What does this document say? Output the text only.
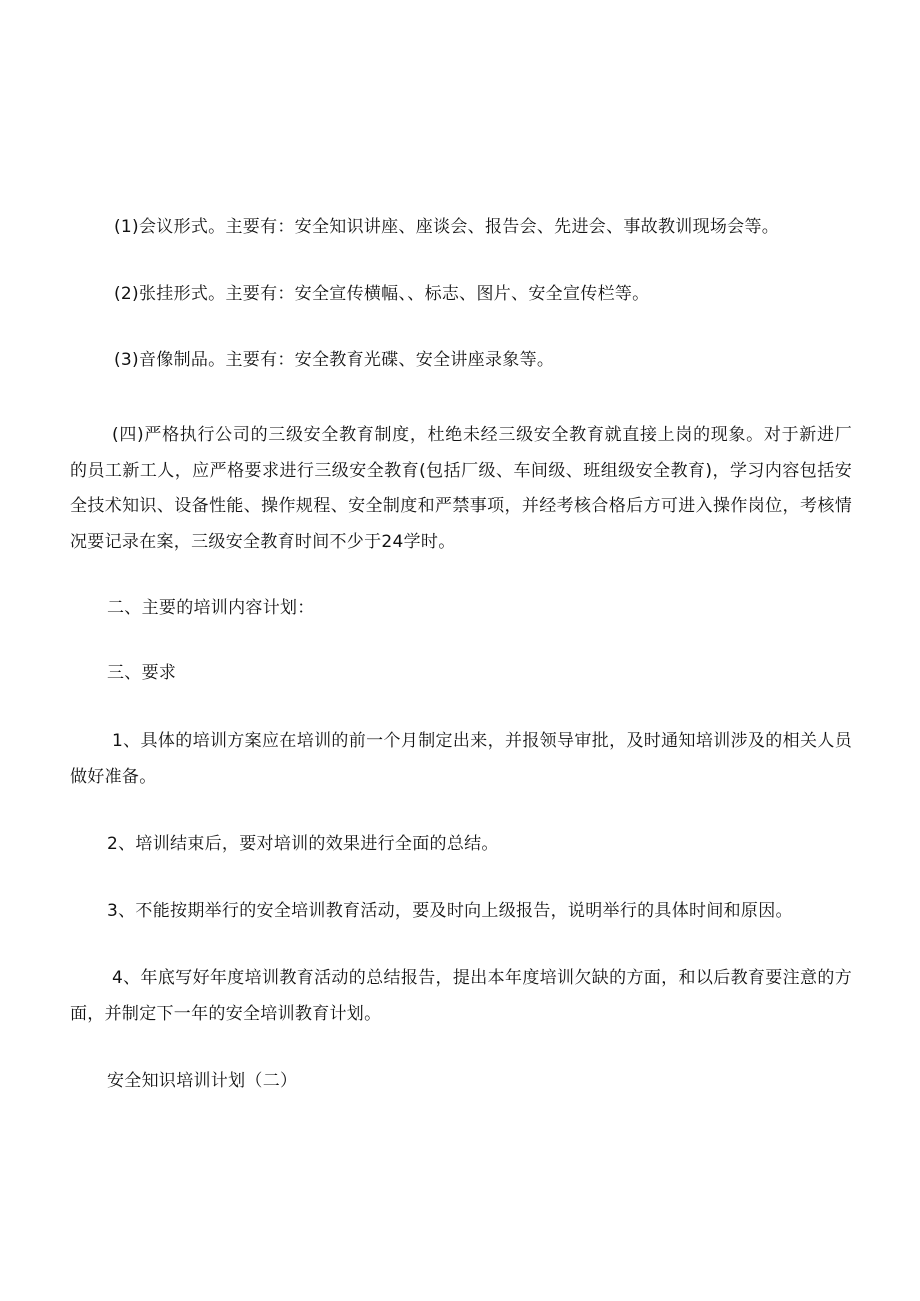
(1)会议形式。主要有：安全知识讲座、座谈会、报告会、先进会、事故教训现场会等。
(2)张挂形式。主要有：安全宣传横幅、、标志、图片、安全宣传栏等。
(3)音像制品。主要有：安全教育光碟、安全讲座录象等。
(四)严格执行公司的三级安全教育制度，杜绝未经三级安全教育就直接上岗的现象。对于新进厂的员工新工人，应严格要求进行三级安全教育(包括厂级、车间级、班组级安全教育)，学习内容包括安全技术知识、设备性能、操作规程、安全制度和严禁事项，并经考核合格后方可进入操作岗位，考核情况要记录在案，三级安全教育时间不少于24学时。
二、主要的培训内容计划：
三、要求
1、具体的培训方案应在培训的前一个月制定出来，并报领导审批，及时通知培训涉及的相关人员做好准备。
2、培训结束后，要对培训的效果进行全面的总结。
3、不能按期举行的安全培训教育活动，要及时向上级报告，说明举行的具体时间和原因。
4、年底写好年度培训教育活动的总结报告，提出本年度培训欠缺的方面，和以后教育要注意的方面，并制定下一年的安全培训教育计划。
安全知识培训计划（二）
